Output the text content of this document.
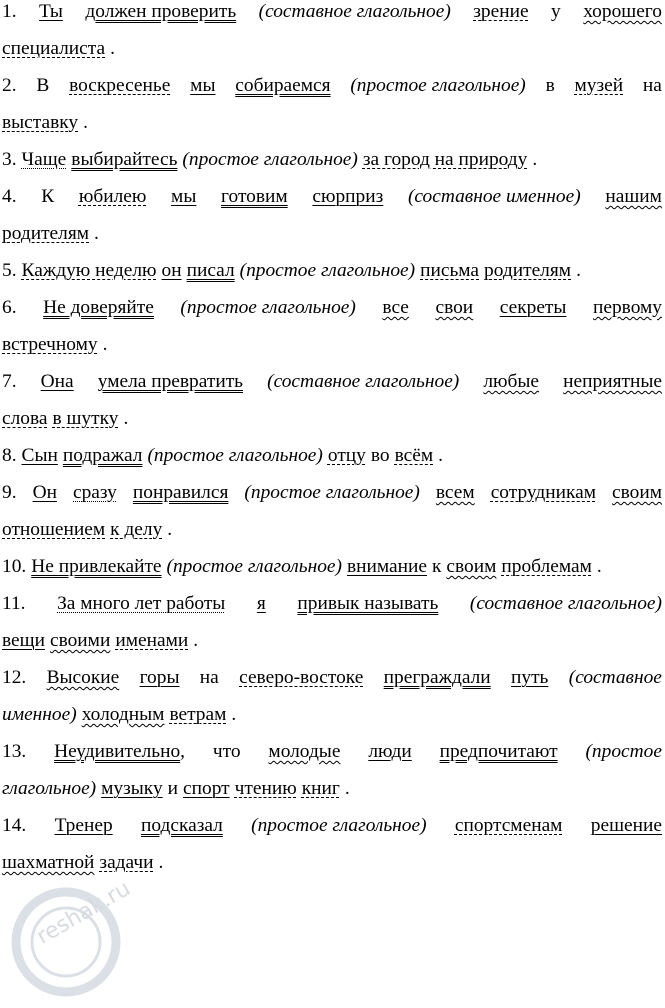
1. Ты должен проверить (составное глагольное) зрение у хорошего
специалиста .
2. В воскресенье мы собираемся (простое глагольное) в музей на
выставку .
3. Чаще выбирайтесь (простое глагольное) за город на природу .
4. К юбилею мы готовим сюрприз (составное именное) нашим
родителям .
5. Каждую неделю он писал (простое глагольное) письма родителям .
6. Не доверяйте (простое глагольное) все свои секреты первому
встречному .
7. Она умела превратить (составное глагольное) любые неприятные
слова в шутку .
8. Сын подражал (простое глагольное) отцу во всём .
9. Он сразу понравился (простое глагольное) всем сотрудникам своим
отношением к делу .
10. Не привлекайте (простое глагольное) внимание к своим проблемам .
11. За много лет работы я привык называть (составное глагольное)
вещи своими именами .
12. Высокие горы на северо-востоке преграждали путь (составное
именное) холодным ветрам .
13. Неудивительно, что молодые люди предпочитают (простое
глагольное) музыку и спорт чтению книг .
14. Тренер подсказал (простое глагольное) спортсменам решение
шахматной задачи .
reshak.ru
